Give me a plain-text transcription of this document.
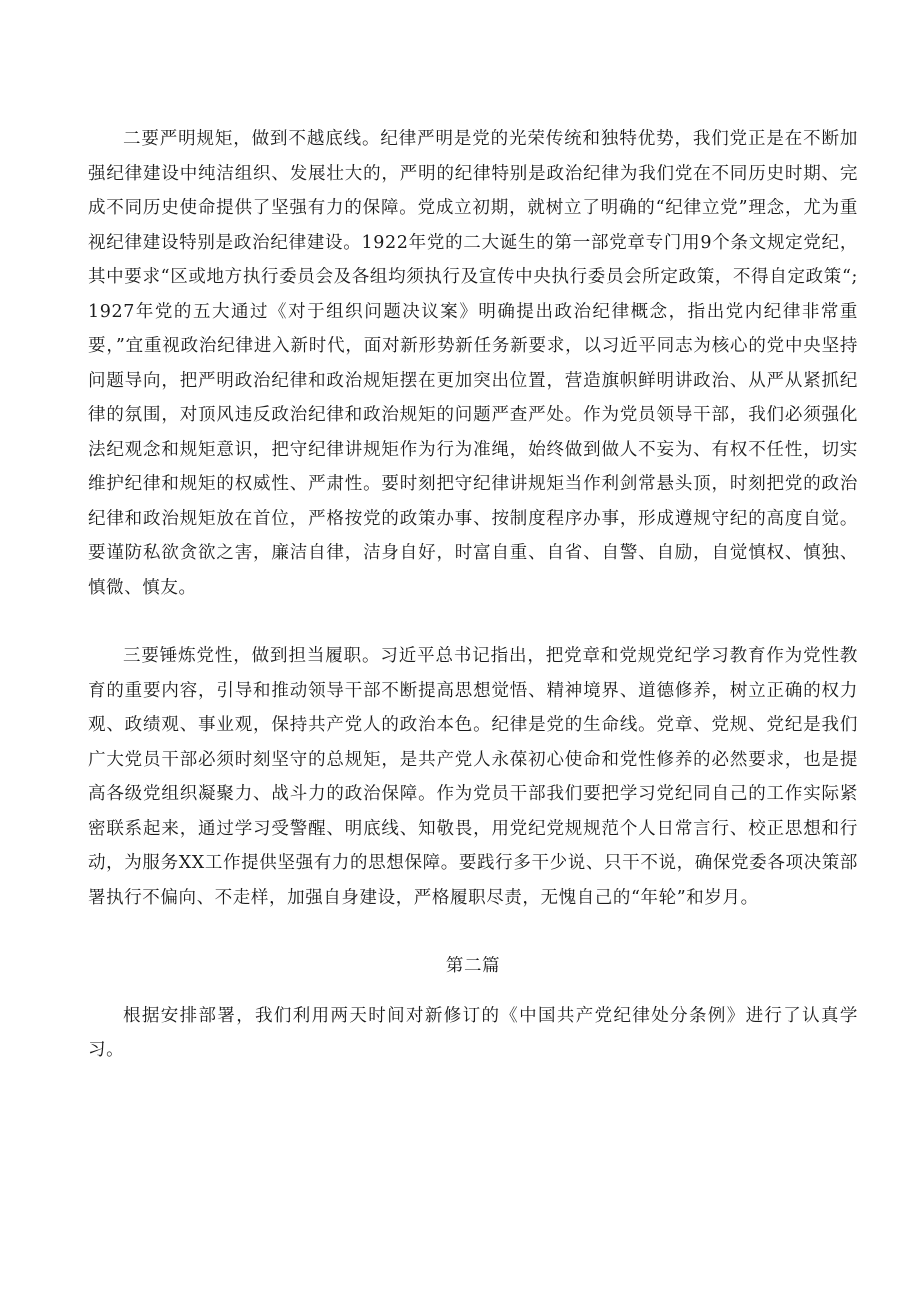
二要严明规矩，做到不越底线。纪律严明是党的光荣传统和独特优势，我们党正是在不断加强纪律建设中纯洁组织、发展壮大的，严明的纪律特别是政治纪律为我们党在不同历史时期、完成不同历史使命提供了坚强有力的保障。党成立初期，就树立了明确的“纪律立党”理念，尤为重视纪律建设特别是政治纪律建设。1922年党的二大诞生的第一部党章专门用9个条文规定党纪，其中要求“区或地方执行委员会及各组均须执行及宣传中央执行委员会所定政策，不得自定政策“;1927年党的五大通过《对于组织问题决议案》明确提出政治纪律概念，指出党内纪律非常重要，”宜重视政治纪律进入新时代，面对新形势新任务新要求，以习近平同志为核心的党中央坚持问题导向，把严明政治纪律和政治规矩摆在更加突出位置，营造旗帜鲜明讲政治、从严从紧抓纪律的氛围，对顶风违反政治纪律和政治规矩的问题严查严处。作为党员领导干部，我们必须强化法纪观念和规矩意识，把守纪律讲规矩作为行为准绳，始终做到做人不妄为、有权不任性，切实维护纪律和规矩的权威性、严肃性。要时刻把守纪律讲规矩当作利剑常悬头顶，时刻把党的政治纪律和政治规矩放在首位，严格按党的政策办事、按制度程序办事，形成遵规守纪的高度自觉。要谨防私欲贪欲之害，廉洁自律，洁身自好，时富自重、自省、自警、自励，自觉慎权、慎独、慎微、慎友。

三要锤炼党性，做到担当履职。习近平总书记指出，把党章和党规党纪学习教育作为党性教育的重要内容，引导和推动领导干部不断提高思想觉悟、精神境界、道德修养，树立正确的权力观、政绩观、事业观，保持共产党人的政治本色。纪律是党的生命线。党章、党规、党纪是我们广大党员干部必须时刻坚守的总规矩，是共产党人永葆初心使命和党性修养的必然要求，也是提高各级党组织凝聚力、战斗力的政治保障。作为党员干部我们要把学习党纪同自己的工作实际紧密联系起来，通过学习受警醒、明底线、知敬畏，用党纪党规规范个人日常言行、校正思想和行动，为服务XX工作提供坚强有力的思想保障。要践行多干少说、只干不说，确保党委各项决策部署执行不偏向、不走样，加强自身建设，严格履职尽责，无愧自己的“年轮”和岁月。

第二篇

根据安排部署，我们利用两天时间对新修订的《中国共产党纪律处分条例》进行了认真学习。
